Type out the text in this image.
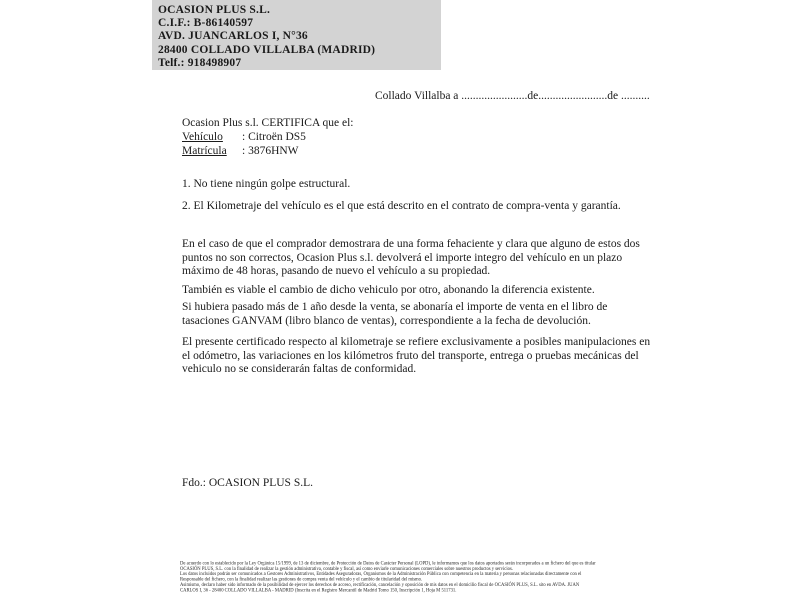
OCASION PLUS S.L.
C.I.F.: B-86140597
AVD. JUANCARLOS I, N°36
28400 COLLADO VILLALBA (MADRID)
Telf.: 918498907
Collado Villalba a .......................de........................de ..........
Ocasion Plus s.l. CERTIFICA que el:
Vehículo : Citroën DS5
Matrícula : 3876HNW
1. No tiene ningún golpe estructural.
2. El Kilometraje del vehículo es el que está descrito en el contrato de compra-venta y garantía.
En el caso de que el comprador demostrara de una forma fehaciente y clara que alguno de estos dos puntos no son correctos, Ocasion Plus s.l. devolverá el importe integro del vehículo en un plazo máximo de 48 horas, pasando de nuevo el vehículo a su propiedad.
También es viable el cambio de dicho vehiculo por otro, abonando la diferencia existente.
Si hubiera pasado más de 1 año desde la venta, se abonaría el importe de venta en el libro de tasaciones GANVAM (libro blanco de ventas), correspondiente a la fecha de devolución.
El presente certificado respecto al kilometraje se refiere exclusivamente a posibles manipulaciones en el odómetro, las variaciones en los kilómetros fruto del transporte, entrega o pruebas mecánicas del vehiculo no se considerarán faltas de conformidad.
Fdo.: OCASION PLUS S.L.
De acuerdo con lo establecido por la Ley Orgánica 15/1999, de 13 de diciembre, de Protección de Datos de Carácter Personal (LOPD), le informamos que los datos aportados serán incorporados a un fichero del que es titular
OCASIÓN PLUS, S.L. con la finalidad de realizar la gestión administrativa, contable y fiscal, así como enviarle comunicaciones comerciales sobre nuestros productos y servicios.
Los datos incluidos podrán ser comunicados a Gestores Administrativos, Entidades Aseguradoras, Organismos de la Administración Pública con competencia en la materia y personas relacionadas directamente con el
Responsable del fichero, con la finalidad realizar las gestiones de compra venta del vehículo y el cambio de titularidad del mismo.
Asimismo, declaro haber sido informado de la posibilidad de ejercer los derechos de acceso, rectificación, cancelación y oposición de mis datos en el domicilio fiscal de OCASIÓN PLUS, S.L. sito en AVDA. JUAN
CARLOS I, 36 - 28400 COLLADO VILLALBA - MADRID (Inscrita en el Registro Mercantil de Madrid Tomo 150, Inscripción 1, Hoja M 511731.
